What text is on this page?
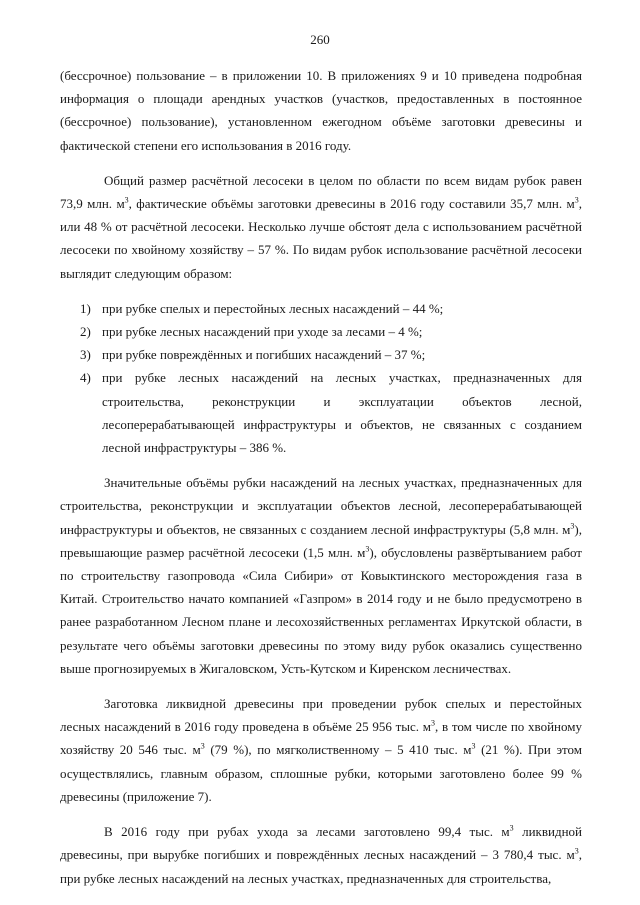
260

(бессрочное) пользование – в приложении 10. В приложениях 9 и 10 приведена подробная информация о площади арендных участков (участков, предоставленных в постоянное (бессрочное) пользование), установленном ежегодном объёме заготовки древесины и фактической степени его использования в 2016 году.

Общий размер расчётной лесосеки в целом по области по всем видам рубок равен 73,9 млн. $м^3$, фактические объёмы заготовки древесины в 2016 году составили 35,7 млн. $м^3$, или 48 % от расчётной лесосеки. Несколько лучше обстоят дела с использованием расчётной лесосеки по хвойному хозяйству – 57 %. По видам рубок использование расчётной лесосеки выглядит следующим образом:

1) при рубке спелых и перестойных лесных насаждений – 44 %;
2) при рубке лесных насаждений при уходе за лесами – 4 %;
3) при рубке повреждённых и погибших насаждений – 37 %;
4) при рубке лесных насаждений на лесных участках, предназначенных для строительства, реконструкции и эксплуатации объектов лесной, лесоперерабатывающей инфраструктуры и объектов, не связанных с созданием лесной инфраструктуры – 386 %.

Значительные объёмы рубки насаждений на лесных участках, предназначенных для строительства, реконструкции и эксплуатации объектов лесной, лесоперерабатывающей инфраструктуры и объектов, не связанных с созданием лесной инфраструктуры (5,8 млн. $м^3$), превышающие размер расчётной лесосеки (1,5 млн. $м^3$), обусловлены развёртыванием работ по строительству газопровода «Сила Сибири» от Ковыктинского месторождения газа в Китай. Строительство начато компанией «Газпром» в 2014 году и не было предусмотрено в ранее разработанном Лесном плане и лесохозяйственных регламентах Иркутской области, в результате чего объёмы заготовки древесины по этому виду рубок оказались существенно выше прогнозируемых в Жигаловском, Усть-Кутском и Киренском лесничествах.

Заготовка ликвидной древесины при проведении рубок спелых и перестойных лесных насаждений в 2016 году проведена в объёме 25 956 тыс. $м^3$, в том числе по хвойному хозяйству 20 546 тыс. $м^3$ (79 %), по мягколиственному – 5 410 тыс. $м^3$ (21 %). При этом осуществлялись, главным образом, сплошные рубки, которыми заготовлено более 99 % древесины (приложение 7).

В 2016 году при рубах ухода за лесами заготовлено 99,4 тыс. $м^3$ ликвидной древесины, при вырубке погибших и повреждённых лесных насаждений – 3 780,4 тыс. $м^3$, при рубке лесных насаждений на лесных участках, предназначенных для строительства,
